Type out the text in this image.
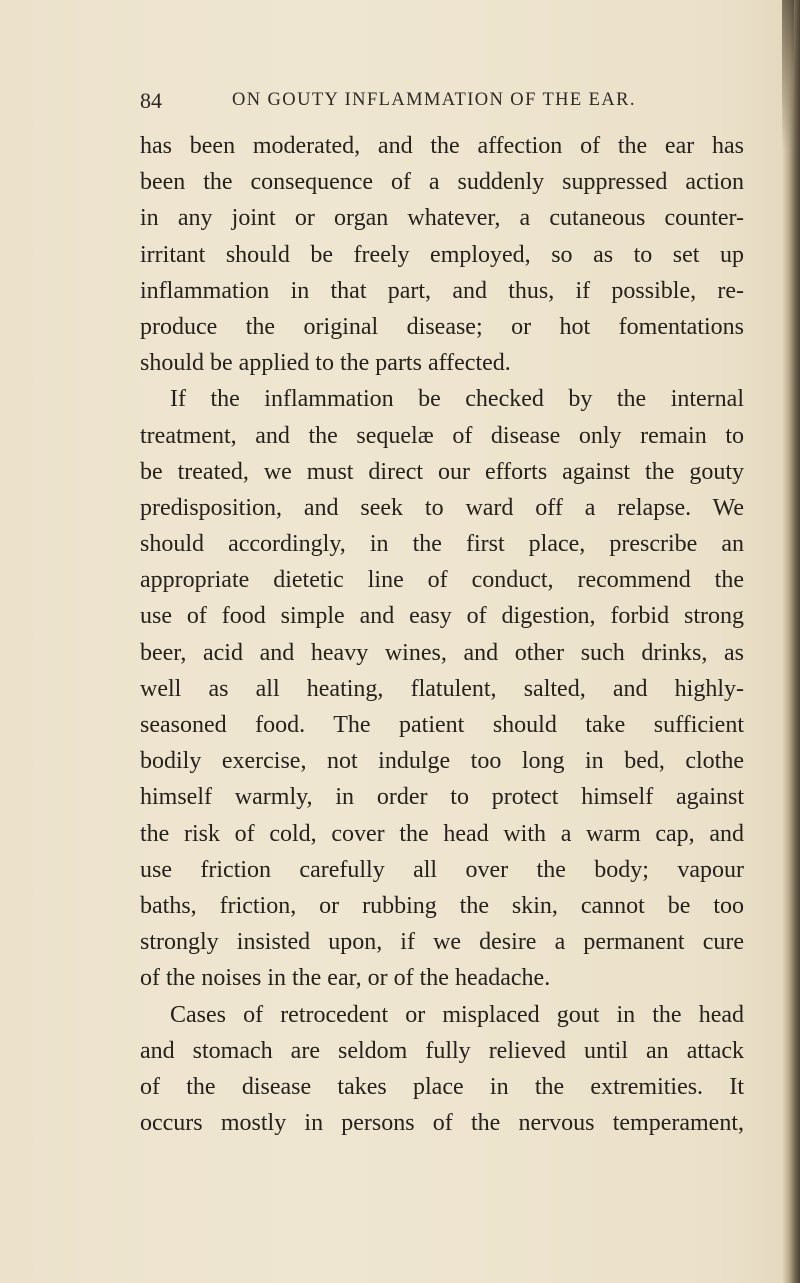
84	ON GOUTY INFLAMMATION OF THE EAR.
has been moderated, and the affection of the ear has
been the consequence of a suddenly suppressed action
in any joint or organ whatever, a cutaneous counter-
irritant should be freely employed, so as to set up
inflammation in that part, and thus, if possible, re-
produce the original disease; or hot fomentations
should be applied to the parts affected.
If the inflammation be checked by the internal
treatment, and the sequelæ of disease only remain to
be treated, we must direct our efforts against the gouty
predisposition, and seek to ward off a relapse. We
should accordingly, in the first place, prescribe an
appropriate dietetic line of conduct, recommend the
use of food simple and easy of digestion, forbid strong
beer, acid and heavy wines, and other such drinks, as
well as all heating, flatulent, salted, and highly-
seasoned food. The patient should take sufficient
bodily exercise, not indulge too long in bed, clothe
himself warmly, in order to protect himself against
the risk of cold, cover the head with a warm cap, and
use friction carefully all over the body; vapour
baths, friction, or rubbing the skin, cannot be too
strongly insisted upon, if we desire a permanent cure
of the noises in the ear, or of the headache.
Cases of retrocedent or misplaced gout in the head
and stomach are seldom fully relieved until an attack
of the disease takes place in the extremities. It
occurs mostly in persons of the nervous temperament,
